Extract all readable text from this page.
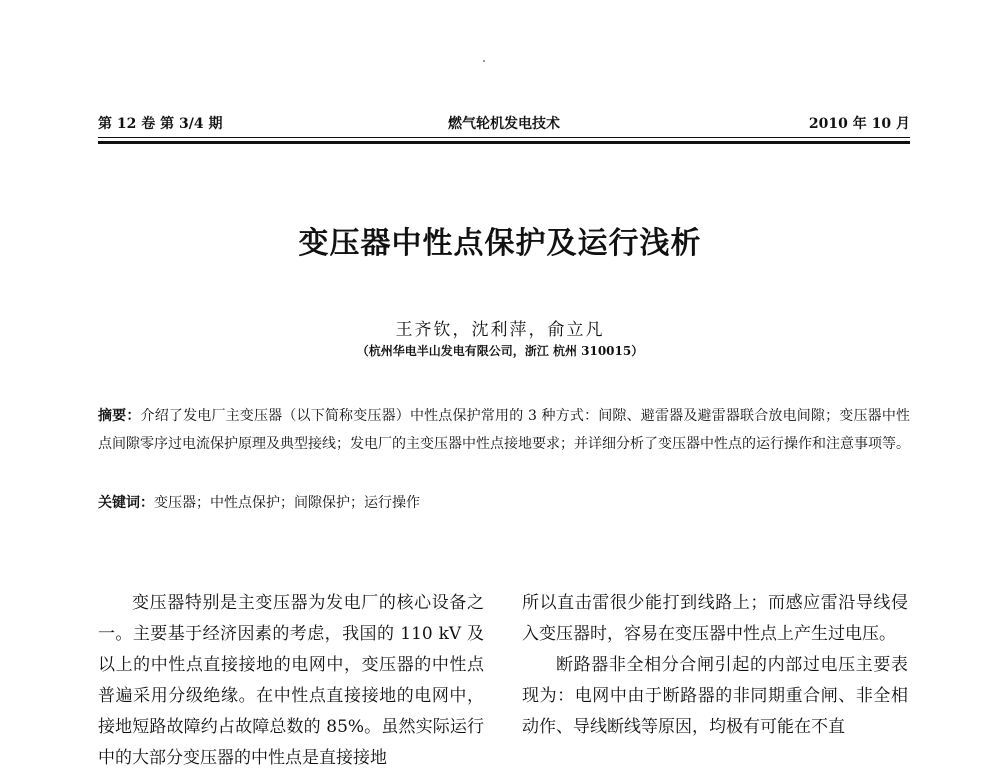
第 12 卷 第 3/4 期	燃气轮机发电技术	2010 年 10 月
变压器中性点保护及运行浅析
王齐钦，沈利萍，俞立凡
（杭州华电半山发电有限公司，浙江 杭州 310015）
摘要：介绍了发电厂主变压器（以下简称变压器）中性点保护常用的 3 种方式：间隙、避雷器及避雷器联合放电间隙；变压器中性点间隙零序过电流保护原理及典型接线；发电厂的主变压器中性点接地要求；并详细分析了变压器中性点的运行操作和注意事项等。
关键词：变压器；中性点保护；间隙保护；运行操作

变压器特别是主变压器为发电厂的核心设备之一。主要基于经济因素的考虑，我国的 110 kV 及以上的中性点直接接地的电网中，变压器的中性点普遍采用分级绝缘。在中性点直接接地的电网中，接地短路故障约占故障总数的 85%。虽然实际运行中的大部分变压器的中性点是直接接地

所以直击雷很少能打到线路上；而感应雷沿导线侵入变压器时，容易在变压器中性点上产生过电压。

断路器非全相分合闸引起的内部过电压主要表现为：电网中由于断路器的非同期重合闸、非全相动作、导线断线等原因，均极有可能在不直
